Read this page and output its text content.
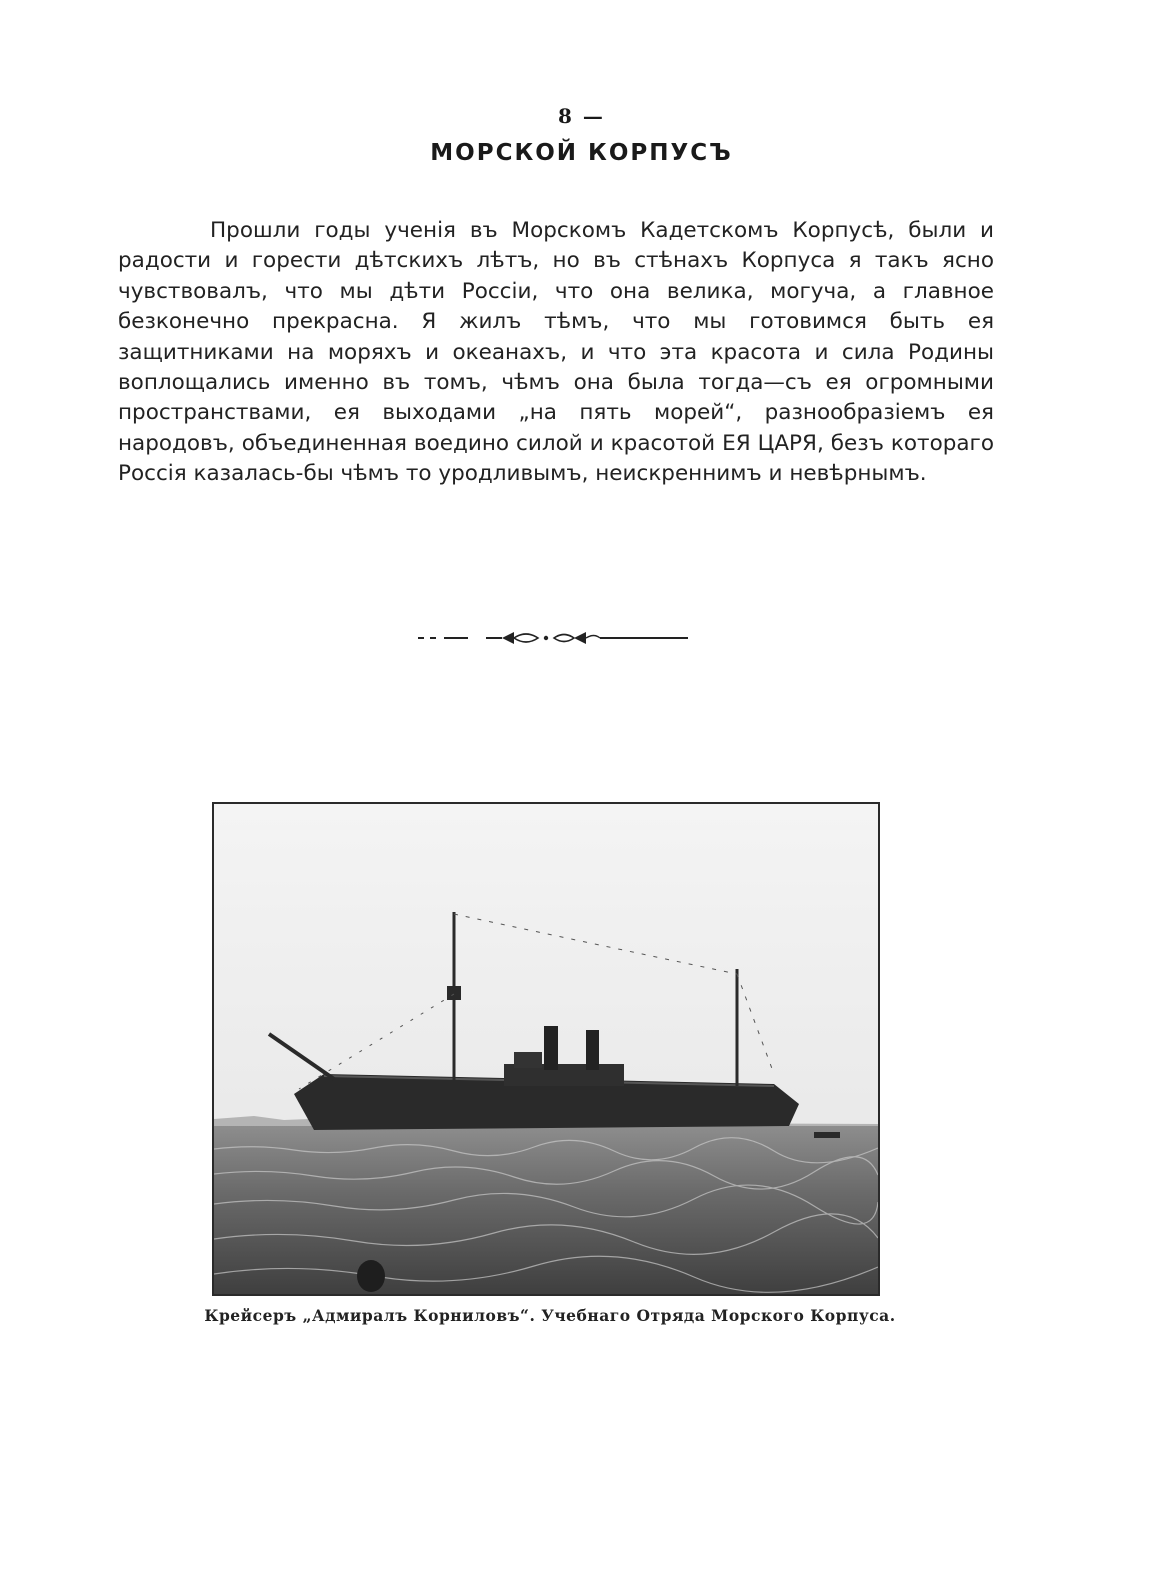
8 —
МОРСКОЙ КОРПУСЪ

Прошли годы ученія въ Морскомъ Кадетскомъ Корпусѣ, были и радости и горести дѣтскихъ лѣтъ, но въ стѣнахъ Корпуса я такъ ясно чувствовалъ, что мы дѣти Россіи, что она велика, могуча, а главное безконечно прекрасна. Я жилъ тѣмъ, что мы готовимся быть ея защитниками на моряхъ и океанахъ, и что эта красота и сила Родины воплощались именно въ томъ, чѣмъ она была тогда—съ ея огромными пространствами, ея выходами „на пять морей“, разнообразіемъ ея народовъ, объединенная воедино силой и красотой ЕЯ ЦАРЯ, безъ котораго Россія казалась-бы чѣмъ то уродливымъ, неискреннимъ и невѣрнымъ.

Крейсеръ „Адмиралъ Корниловъ“. Учебнаго Отряда Морского Корпуса.
